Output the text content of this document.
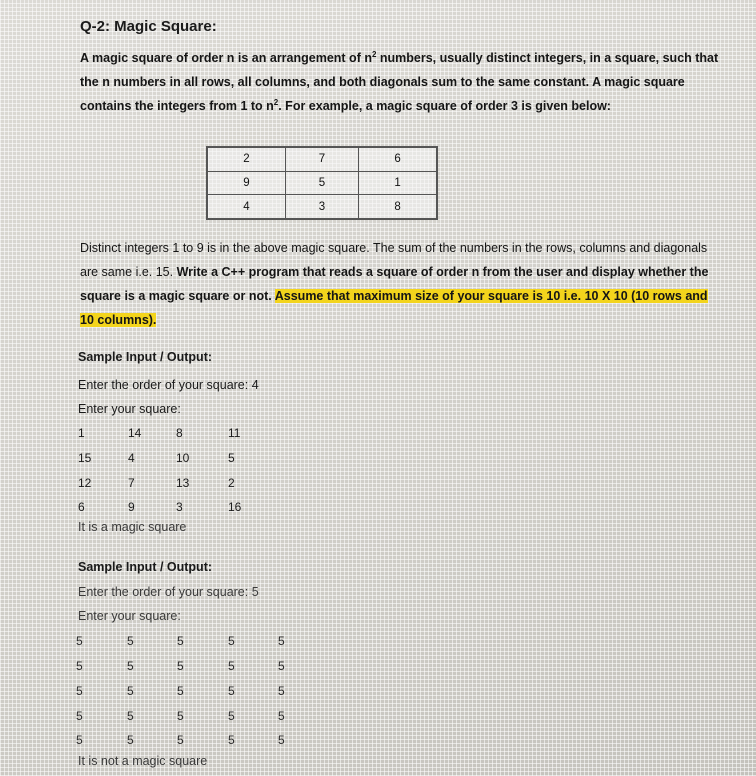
Q-2: Magic Square:

A magic square of order n is an arrangement of $n^2$ numbers, usually distinct integers, in a square, such that the n numbers in all rows, all columns, and both diagonals sum to the same constant. A magic square contains the integers from 1 to $n^2$. For example, a magic square of order 3 is given below:

2	7	6
9	5	1
4	3	8

Distinct integers 1 to 9 is in the above magic square. The sum of the numbers in the rows, columns and diagonals are same i.e. 15. Write a C++ program that reads a square of order n from the user and display whether the square is a magic square or not. Assume that maximum size of your square is 10 i.e. 10 X 10 (10 rows and 10 columns).

Sample Input / Output:
Enter the order of your square: 4
Enter your square:
1	14	8	11
15	4	10	5
12	7	13	2
6	9	3	16
It is a magic square
Sample Input / Output:
Enter the order of your square: 5
Enter your square:
5	5	5	5	5
5	5	5	5	5
5	5	5	5	5
5	5	5	5	5
5	5	5	5	5
It is not a magic square
